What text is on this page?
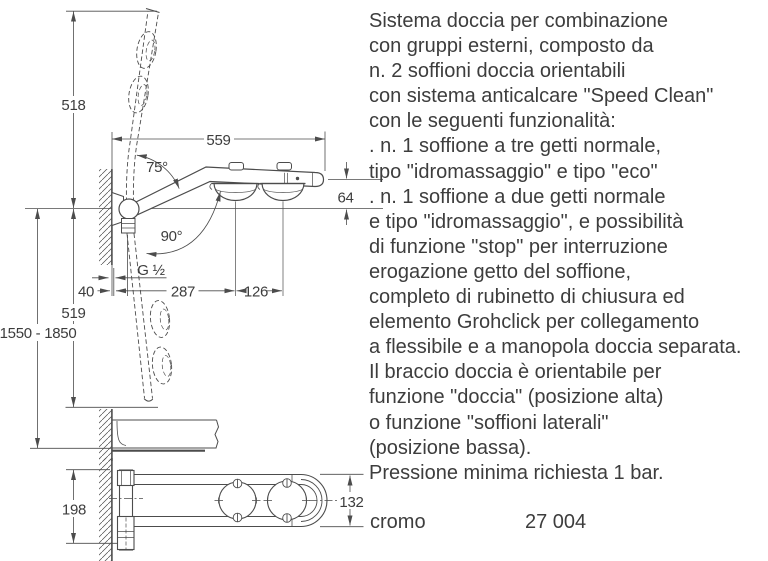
518
519
1550 - 1850
559
64
75°
90°
G ½
40	287	126
198	132
Sistema doccia per combinazione
con gruppi esterni, composto da
n. 2 soffioni doccia orientabili
con sistema anticalcare "Speed Clean"
con le seguenti funzionalità:
. n. 1 soffione a tre getti normale,
tipo "idromassaggio" e tipo "eco"
. n. 1 soffione a due getti normale
e tipo "idromassaggio", e possibilità
di funzione "stop" per interruzione
erogazione getto del soffione,
completo di rubinetto di chiusura ed
elemento Grohclick per collegamento
a flessibile e a manopola doccia separata.
Il braccio doccia è orientabile per
funzione "doccia" (posizione alta)
o funzione "soffioni laterali"
(posizione bassa).
Pressione minima richiesta 1 bar.
cromo	27 004
